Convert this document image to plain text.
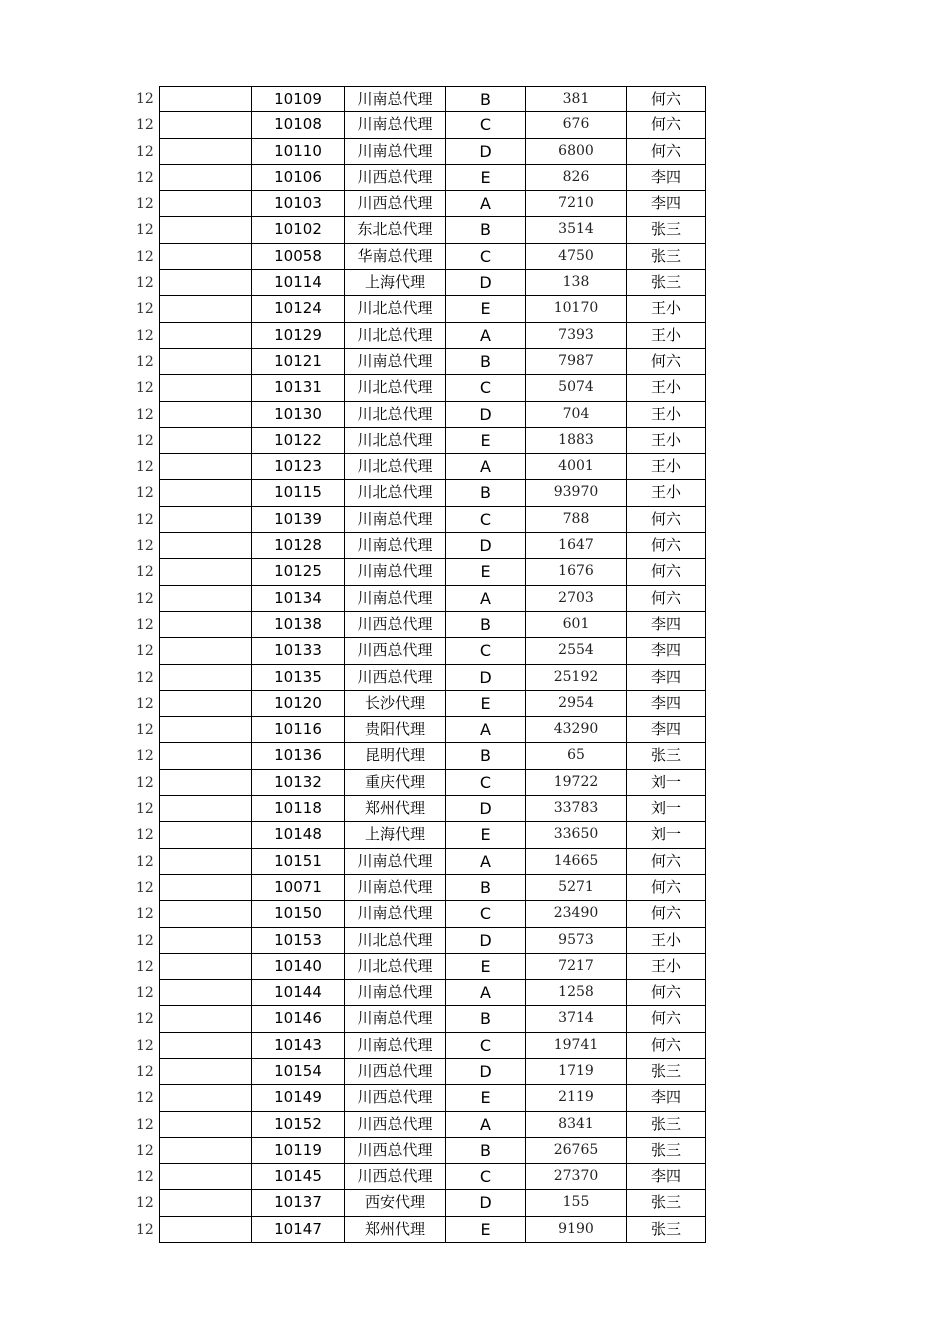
12	10109	川南总代理	B	381	何六
12	10108	川南总代理	C	676	何六
12	10110	川南总代理	D	6800	何六
12	10106	川西总代理	E	826	李四
12	10103	川西总代理	A	7210	李四
12	10102	东北总代理	B	3514	张三
12	10058	华南总代理	C	4750	张三
12	10114	上海代理	D	138	张三
12	10124	川北总代理	E	10170	王小
12	10129	川北总代理	A	7393	王小
12	10121	川南总代理	B	7987	何六
12	10131	川北总代理	C	5074	王小
12	10130	川北总代理	D	704	王小
12	10122	川北总代理	E	1883	王小
12	10123	川北总代理	A	4001	王小
12	10115	川北总代理	B	93970	王小
12	10139	川南总代理	C	788	何六
12	10128	川南总代理	D	1647	何六
12	10125	川南总代理	E	1676	何六
12	10134	川南总代理	A	2703	何六
12	10138	川西总代理	B	601	李四
12	10133	川西总代理	C	2554	李四
12	10135	川西总代理	D	25192	李四
12	10120	长沙代理	E	2954	李四
12	10116	贵阳代理	A	43290	李四
12	10136	昆明代理	B	65	张三
12	10132	重庆代理	C	19722	刘一
12	10118	郑州代理	D	33783	刘一
12	10148	上海代理	E	33650	刘一
12	10151	川南总代理	A	14665	何六
12	10071	川南总代理	B	5271	何六
12	10150	川南总代理	C	23490	何六
12	10153	川北总代理	D	9573	王小
12	10140	川北总代理	E	7217	王小
12	10144	川南总代理	A	1258	何六
12	10146	川南总代理	B	3714	何六
12	10143	川南总代理	C	19741	何六
12	10154	川西总代理	D	1719	张三
12	10149	川西总代理	E	2119	李四
12	10152	川西总代理	A	8341	张三
12	10119	川西总代理	B	26765	张三
12	10145	川西总代理	C	27370	李四
12	10137	西安代理	D	155	张三
12	10147	郑州代理	E	9190	张三
